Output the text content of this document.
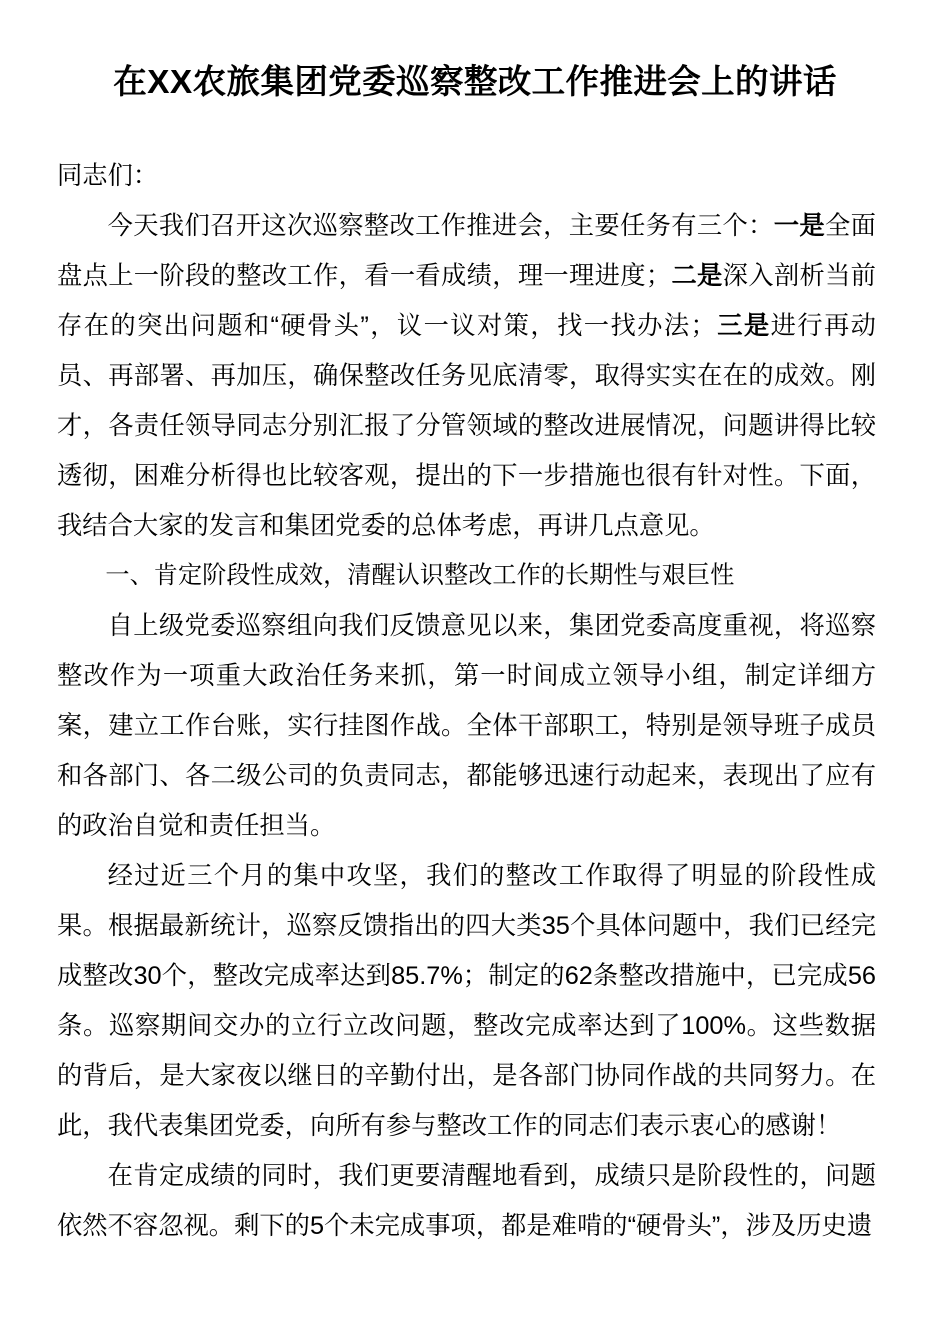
在XX农旅集团党委巡察整改工作推进会上的讲话

同志们：

今天我们召开这次巡察整改工作推进会，主要任务有三个：一是全面盘点上一阶段的整改工作，看一看成绩，理一理进度；二是深入剖析当前存在的突出问题和“硬骨头”，议一议对策，找一找办法；三是进行再动员、再部署、再加压，确保整改任务见底清零，取得实实在在的成效。刚才，各责任领导同志分别汇报了分管领域的整改进展情况，问题讲得比较透彻，困难分析得也比较客观，提出的下一步措施也很有针对性。下面，我结合大家的发言和集团党委的总体考虑，再讲几点意见。

一、肯定阶段性成效，清醒认识整改工作的长期性与艰巨性

自上级党委巡察组向我们反馈意见以来，集团党委高度重视，将巡察整改作为一项重大政治任务来抓，第一时间成立领导小组，制定详细方案，建立工作台账，实行挂图作战。全体干部职工，特别是领导班子成员和各部门、各二级公司的负责同志，都能够迅速行动起来，表现出了应有的政治自觉和责任担当。

经过近三个月的集中攻坚，我们的整改工作取得了明显的阶段性成果。根据最新统计，巡察反馈指出的四大类35个具体问题中，我们已经完成整改30个，整改完成率达到85.7%；制定的62条整改措施中，已完成56条。巡察期间交办的立行立改问题，整改完成率达到了100%。这些数据的背后，是大家夜以继日的辛勤付出，是各部门协同作战的共同努力。在此，我代表集团党委，向所有参与整改工作的同志们表示衷心的感谢！

在肯定成绩的同时，我们更要清醒地看到，成绩只是阶段性的，问题依然不容忽视。剩下的5个未完成事项，都是难啃的“硬骨头”，涉及历史遗
